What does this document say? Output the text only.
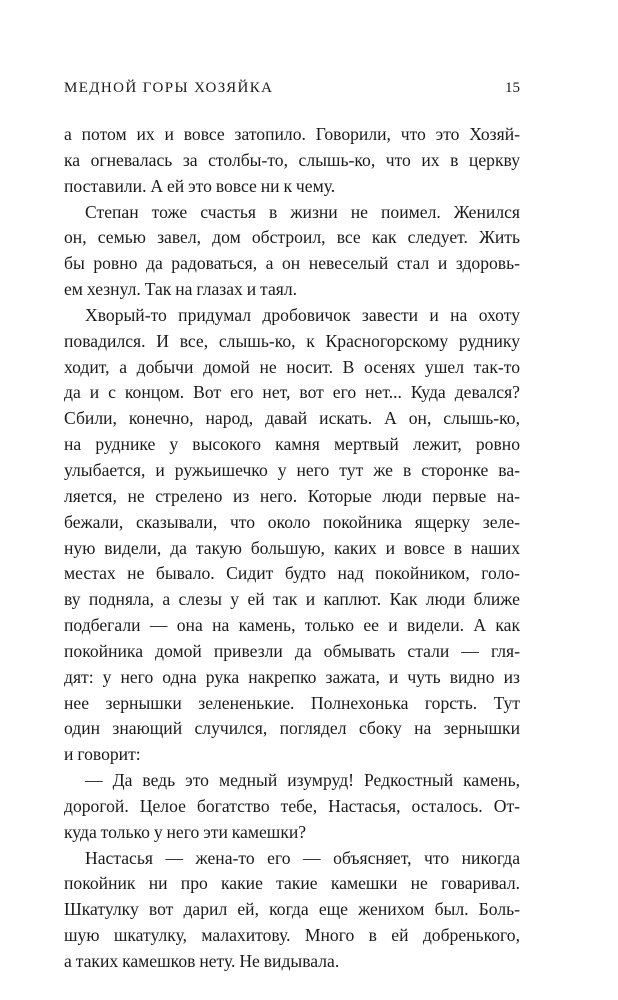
МЕДНОЙ ГОРЫ ХОЗЯЙКА	15
а потом их и вовсе затопило. Говорили, что это Хозяй-
ка огневалась за столбы-то, слышь-ко, что их в церкву
поставили. А ей это вовсе ни к чему.
Степан тоже счастья в жизни не поимел. Женился
он, семью завел, дом обстроил, все как следует. Жить
бы ровно да радоваться, а он невеселый стал и здоровь-
ем хезнул. Так на глазах и таял.
Хворый-то придумал дробовичок завести и на охоту
повадился. И все, слышь-ко, к Красногорскому руднику
ходит, а добычи домой не носит. В осенях ушел так-то
да и с концом. Вот его нет, вот его нет... Куда девался?
Сбили, конечно, народ, давай искать. А он, слышь-ко,
на руднике у высокого камня мертвый лежит, ровно
улыбается, и ружьишечко у него тут же в сторонке ва-
ляется, не стрелено из него. Которые люди первые на-
бежали, сказывали, что около покойника ящерку зеле-
ную видели, да такую большую, каких и вовсе в наших
местах не бывало. Сидит будто над покойником, голо-
ву подняла, а слезы у ей так и каплют. Как люди ближе
подбегали — она на камень, только ее и видели. А как
покойника домой привезли да обмывать стали — гля-
дят: у него одна рука накрепко зажата, и чуть видно из
нее зернышки зелененькие. Полнехонька горсть. Тут
один знающий случился, поглядел сбоку на зернышки
и говорит:
— Да ведь это медный изумруд! Редкостный камень,
дорогой. Целое богатство тебе, Настасья, осталось. От-
куда только у него эти камешки?
Настасья — жена-то его — объясняет, что никогда
покойник ни про какие такие камешки не говаривал.
Шкатулку вот дарил ей, когда еще женихом был. Боль-
шую шкатулку, малахитову. Много в ей добренького,
а таких камешков нету. Не видывала.
